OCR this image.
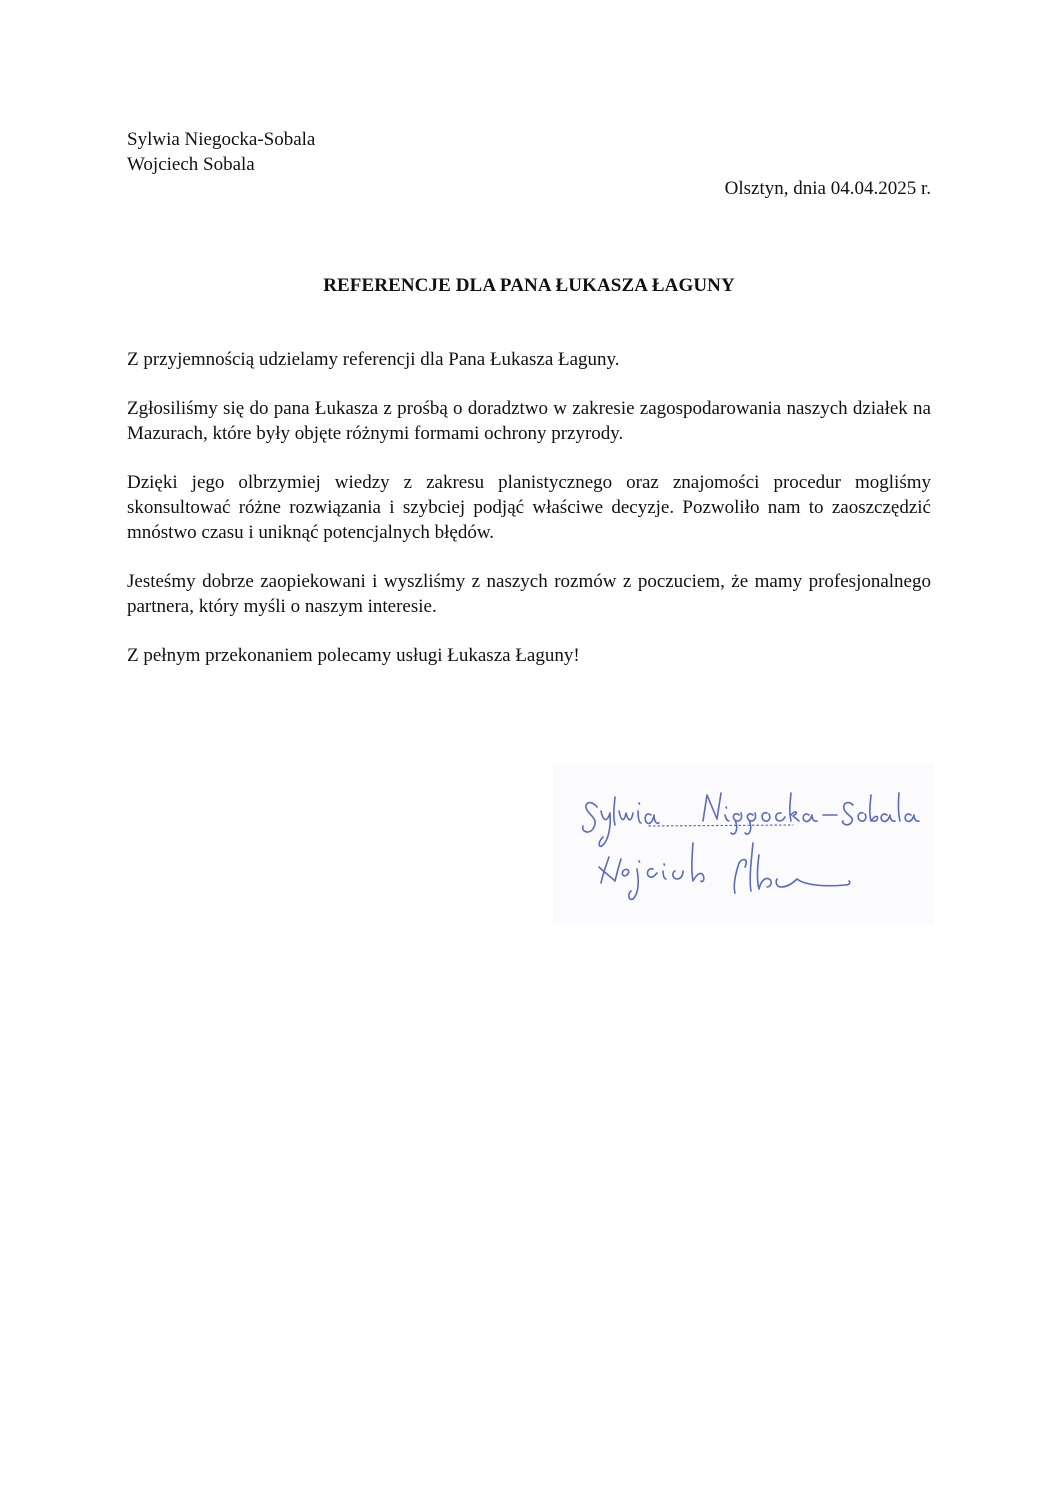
Sylwia Niegocka-Sobala
Wojciech Sobala
Olsztyn, dnia 04.04.2025 r.
REFERENCJE DLA PANA ŁUKASZA ŁAGUNY

Z przyjemnością udzielamy referencji dla Pana Łukasza Łaguny.

Zgłosiliśmy się do pana Łukasza z prośbą o doradztwo w zakresie zagospodarowania naszych działek na Mazurach, które były objęte różnymi formami ochrony przyrody.

Dzięki jego olbrzymiej wiedzy z zakresu planistycznego oraz znajomości procedur mogliśmy skonsultować różne rozwiązania i szybciej podjąć właściwe decyzje. Pozwoliło nam to zaoszczędzić mnóstwo czasu i uniknąć potencjalnych błędów.

Jesteśmy dobrze zaopiekowani i wyszliśmy z naszych rozmów z poczuciem, że mamy profesjonalnego partnera, który myśli o naszym interesie.

Z pełnym przekonaniem polecamy usługi Łukasza Łaguny!
